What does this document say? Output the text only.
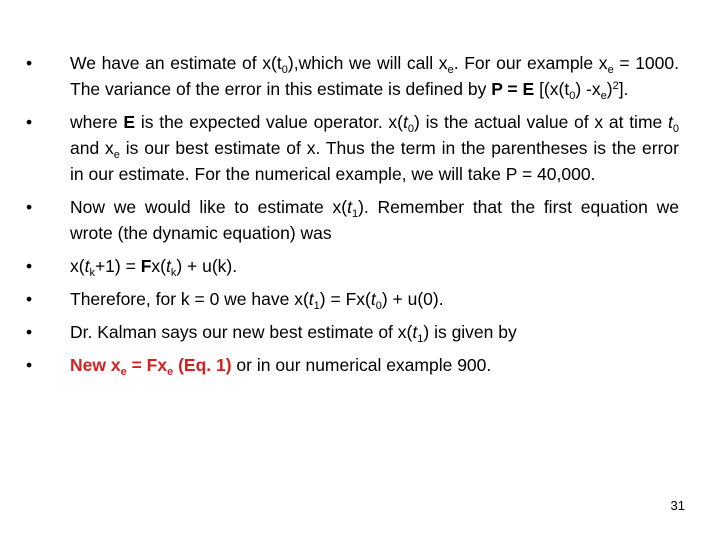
•	We have an estimate of $x(t_0),which$ we will call $x_e$. For our example $x_e = 1000$. The variance of the error in this estimate is defined by P = E [($x(t_0)$ $-x_e)^2$].
•	where E is the expected value operator. $x(t_0)$ is the actual value of x at time $t_0$ and $x_e$ is our best estimate of x. Thus the term in the parentheses is the error in our estimate. For the numerical example, we will take P = 40,000.
•	Now we would like to estimate $x(t_1)$. Remember that the first equation we wrote (the dynamic equation) was
•	$x(t_k+1) = Fx(t_k) + u(k)$.
•	Therefore, for k = 0 we have $x(t_1) = Fx(t_0) + u(0)$.
•	Dr. Kalman says our new best estimate of $x(t_1)$ is given by
•	New $x_e = Fx_e$ (Eq. 1) or in our numerical example 900.
31
